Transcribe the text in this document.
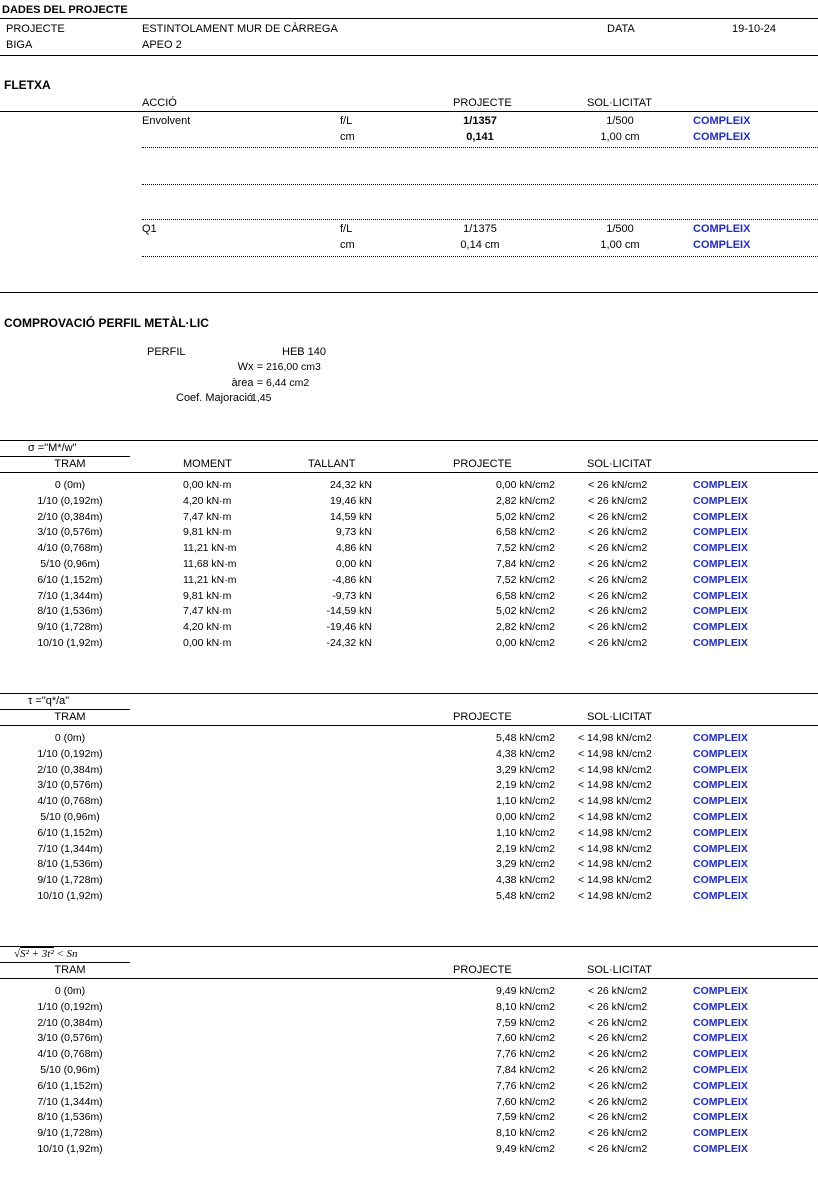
DADES DEL PROJECTE
PROJECTE	ESTINTOLAMENT MUR DE CÀRREGA	DATA	19-10-24
BIGA	APEO 2
FLETXA
ACCIÓ	PROJECTE	SOL·LICITAT
Envolvent	f/L	1/1357	1/500	COMPLEIX
cm	0,141	1,00 cm	COMPLEIX
Q1	f/L	1/1375	1/500	COMPLEIX
cm	0,14 cm	1,00 cm	COMPLEIX
COMPROVACIÓ PERFIL METÀL·LIC
PERFIL	HEB 140
Wx = 216,00 cm3
àrea = 6,44 cm2
Coef. Majoració
1,45
σ ="M*/w"
TRAM	MOMENT	TALLANT	PROJECTE	SOL·LICITAT
0 (0m)	0,00 kN·m	24,32 kN	0,00 kN/cm2	< 26 kN/cm2	COMPLEIX
1/10 (0,192m)	4,20 kN·m	19,46 kN	2,82 kN/cm2	< 26 kN/cm2	COMPLEIX
2/10 (0,384m)	7,47 kN·m	14,59 kN	5,02 kN/cm2	< 26 kN/cm2	COMPLEIX
3/10 (0,576m)	9,81 kN·m	9,73 kN	6,58 kN/cm2	< 26 kN/cm2	COMPLEIX
4/10 (0,768m)	11,21 kN·m	4,86 kN	7,52 kN/cm2	< 26 kN/cm2	COMPLEIX
5/10 (0,96m)	11,68 kN·m	0,00 kN	7,84 kN/cm2	< 26 kN/cm2	COMPLEIX
6/10 (1,152m)	11,21 kN·m	-4,86 kN	7,52 kN/cm2	< 26 kN/cm2	COMPLEIX
7/10 (1,344m)	9,81 kN·m	-9,73 kN	6,58 kN/cm2	< 26 kN/cm2	COMPLEIX
8/10 (1,536m)	7,47 kN·m	-14,59 kN	5,02 kN/cm2	< 26 kN/cm2	COMPLEIX
9/10 (1,728m)	4,20 kN·m	-19,46 kN	2,82 kN/cm2	< 26 kN/cm2	COMPLEIX
10/10 (1,92m)	0,00 kN·m	-24,32 kN	0,00 kN/cm2	< 26 kN/cm2	COMPLEIX
τ ="q*/a"
TRAM	PROJECTE	SOL·LICITAT
0 (0m)	5,48 kN/cm2 < 14,98 kN/cm2	COMPLEIX
1/10 (0,192m)	4,38 kN/cm2 < 14,98 kN/cm2	COMPLEIX
2/10 (0,384m)	3,29 kN/cm2 < 14,98 kN/cm2	COMPLEIX
3/10 (0,576m)	2,19 kN/cm2 < 14,98 kN/cm2	COMPLEIX
4/10 (0,768m)	1,10 kN/cm2 < 14,98 kN/cm2	COMPLEIX
5/10 (0,96m)	0,00 kN/cm2 < 14,98 kN/cm2	COMPLEIX
6/10 (1,152m)	1,10 kN/cm2 < 14,98 kN/cm2	COMPLEIX
7/10 (1,344m)	2,19 kN/cm2 < 14,98 kN/cm2	COMPLEIX
8/10 (1,536m)	3,29 kN/cm2 < 14,98 kN/cm2	COMPLEIX
9/10 (1,728m)	4,38 kN/cm2 < 14,98 kN/cm2	COMPLEIX
10/10 (1,92m)	5,48 kN/cm2 < 14,98 kN/cm2	COMPLEIX
√S² + 3t² < Sn
TRAM	PROJECTE	SOL·LICITAT
0 (0m)	9,49 kN/cm2	< 26 kN/cm2	COMPLEIX
1/10 (0,192m)	8,10 kN/cm2	< 26 kN/cm2	COMPLEIX
2/10 (0,384m)	7,59 kN/cm2	< 26 kN/cm2	COMPLEIX
3/10 (0,576m)	7,60 kN/cm2	< 26 kN/cm2	COMPLEIX
4/10 (0,768m)	7,76 kN/cm2	< 26 kN/cm2	COMPLEIX
5/10 (0,96m)	7,84 kN/cm2	< 26 kN/cm2	COMPLEIX
6/10 (1,152m)	7,76 kN/cm2	< 26 kN/cm2	COMPLEIX
7/10 (1,344m)	7,60 kN/cm2	< 26 kN/cm2	COMPLEIX
8/10 (1,536m)	7,59 kN/cm2	< 26 kN/cm2	COMPLEIX
9/10 (1,728m)	8,10 kN/cm2	< 26 kN/cm2	COMPLEIX
10/10 (1,92m)	9,49 kN/cm2	< 26 kN/cm2	COMPLEIX
